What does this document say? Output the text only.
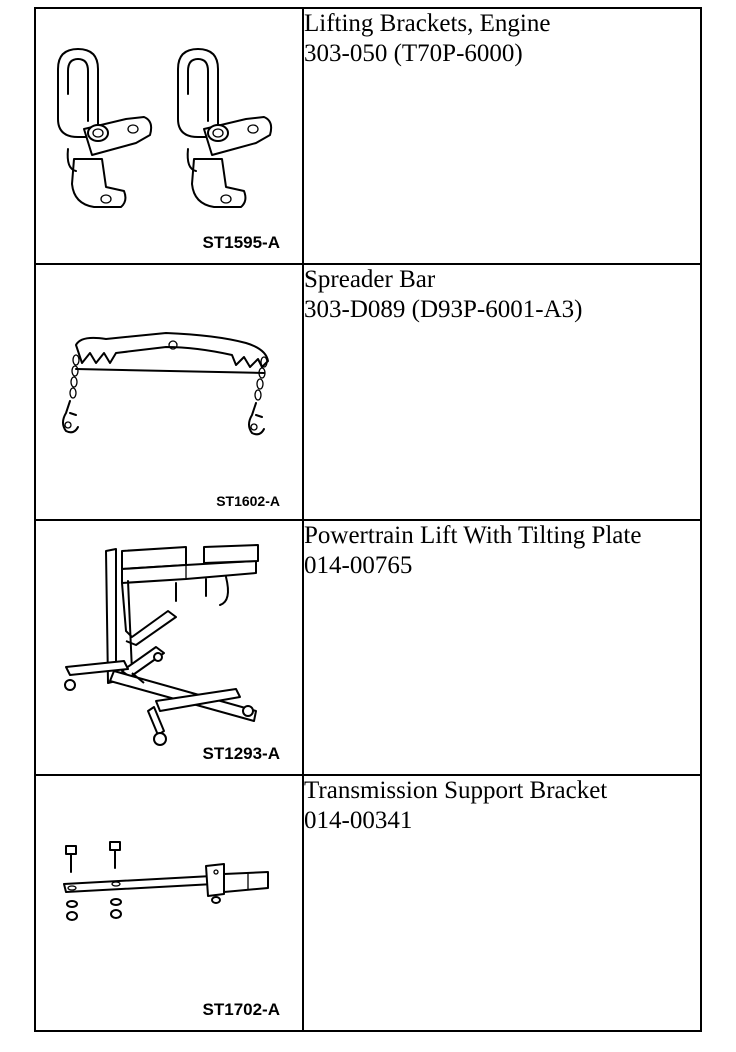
ST1595-A	Lifting Brackets, Engine
303-050 (T70P-6000)

ST1602-A	Spreader Bar
303-D089 (D93P-6001-A3)

ST1293-A	Powertrain Lift With Tilting Plate
014-00765

ST1702-A	Transmission Support Bracket
014-00341
